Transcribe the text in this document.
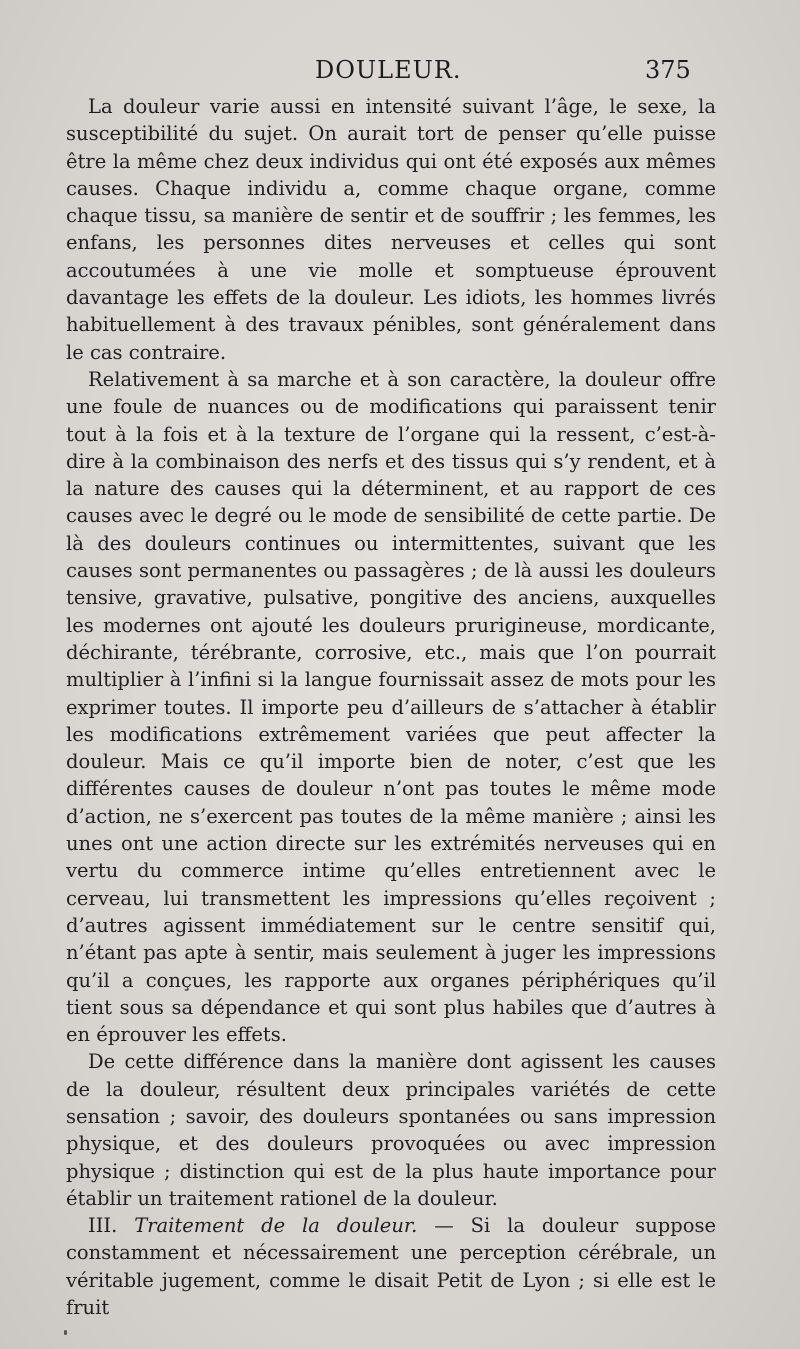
DOULEUR.	375

La douleur varie aussi en intensité suivant l’âge, le sexe, la susceptibilité du sujet. On aurait tort de penser qu’elle puisse être la même chez deux individus qui ont été exposés aux mêmes causes. Chaque individu a, comme chaque organe, comme chaque tissu, sa manière de sentir et de souffrir ; les femmes, les enfans, les personnes dites nerveuses et celles qui sont accoutumées à une vie molle et somptueuse éprouvent davantage les effets de la douleur. Les idiots, les hommes livrés habituellement à des travaux pénibles, sont généralement dans le cas contraire.

Relativement à sa marche et à son caractère, la douleur offre une foule de nuances ou de modifications qui paraissent tenir tout à la fois et à la texture de l’organe qui la ressent, c’est-à-dire à la combinaison des nerfs et des tissus qui s’y rendent, et à la nature des causes qui la déterminent, et au rapport de ces causes avec le degré ou le mode de sensibilité de cette partie. De là des douleurs continues ou intermittentes, suivant que les causes sont permanentes ou passagères ; de là aussi les douleurs tensive, gravative, pulsative, pongitive des anciens, auxquelles les modernes ont ajouté les douleurs prurigineuse, mordicante, déchirante, térébrante, corrosive, etc., mais que l’on pourrait multiplier à l’infini si la langue fournissait assez de mots pour les exprimer toutes. Il importe peu d’ailleurs de s’attacher à établir les modifications extrêmement variées que peut affecter la douleur. Mais ce qu’il importe bien de noter, c’est que les différentes causes de douleur n’ont pas toutes le même mode d’action, ne s’exercent pas toutes de la même manière ; ainsi les unes ont une action directe sur les extrémités nerveuses qui en vertu du commerce intime qu’elles entretiennent avec le cerveau, lui transmettent les impressions qu’elles reçoivent ; d’autres agissent immédiatement sur le centre sensitif qui, n’étant pas apte à sentir, mais seulement à juger les impressions qu’il a conçues, les rapporte aux organes périphériques qu’il tient sous sa dépendance et qui sont plus habiles que d’autres à en éprouver les effets.

De cette différence dans la manière dont agissent les causes de la douleur, résultent deux principales variétés de cette sensation ; savoir, des douleurs spontanées ou sans impression physique, et des douleurs provoquées ou avec impression physique ; distinction qui est de la plus haute importance pour établir un traitement rationel de la douleur.

III. Traitement de la douleur. — Si la douleur suppose constamment et nécessairement une perception cérébrale, un véritable jugement, comme le disait Petit de Lyon ; si elle est le fruit
